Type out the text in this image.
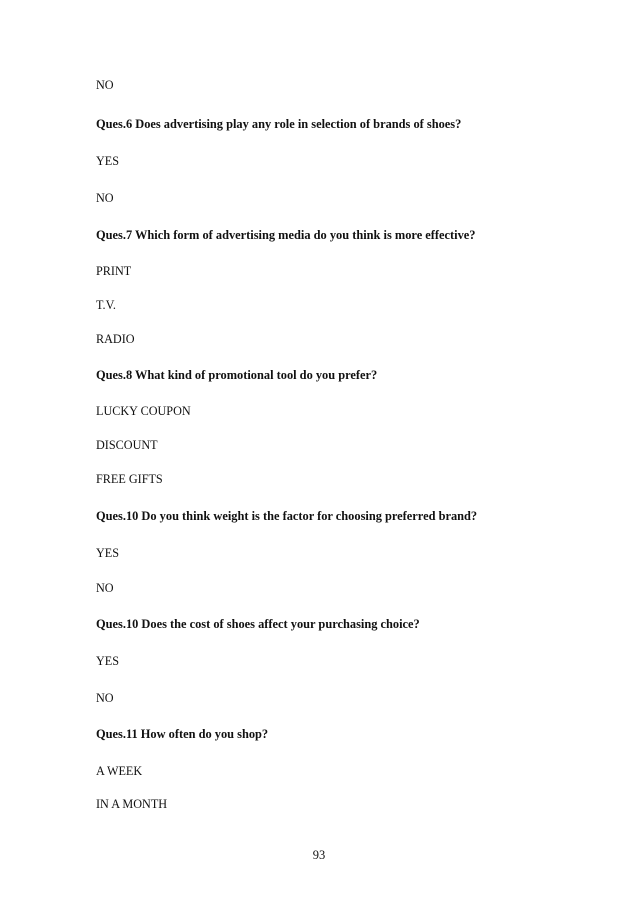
NO
Ques.6 Does advertising play any role in selection of brands of shoes?
YES
NO
Ques.7 Which form of advertising media do you think is more effective?
PRINT
T.V.
RADIO
Ques.8 What kind of promotional tool do you prefer?
LUCKY COUPON
DISCOUNT
FREE GIFTS
Ques.10 Do you think weight is the factor for choosing preferred brand?
YES
NO
Ques.10 Does the cost of shoes affect your purchasing choice?
YES
NO
Ques.11 How often do you shop?
A WEEK
IN A MONTH
93
